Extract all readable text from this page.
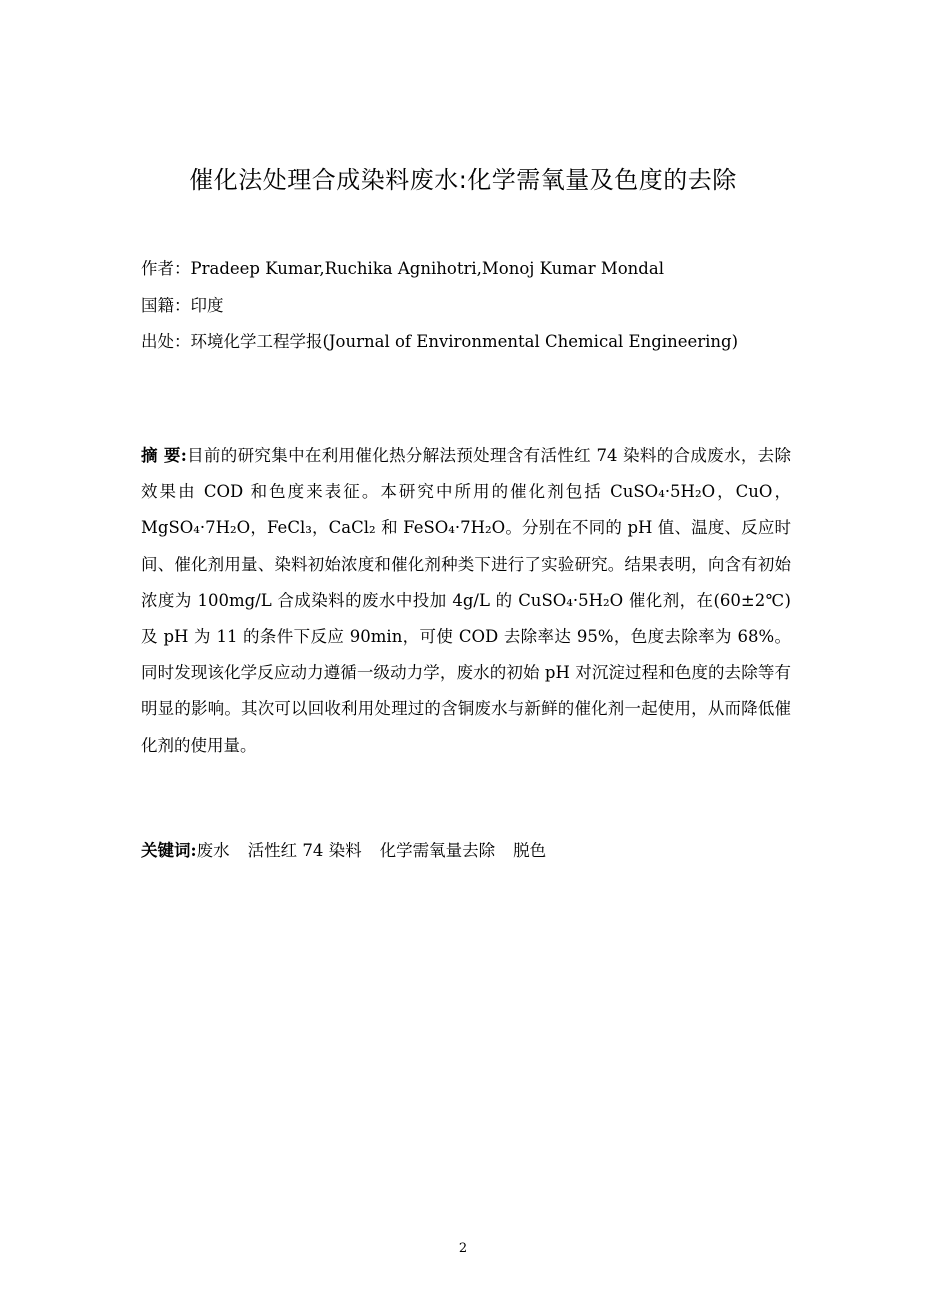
催化法处理合成染料废水:化学需氧量及色度的去除
作者：Pradeep Kumar,Ruchika Agnihotri,Monoj Kumar Mondal
国籍：印度
出处：环境化学工程学报(Journal of Environmental Chemical Engineering)
摘 要:目前的研究集中在利用催化热分解法预处理含有活性红 74 染料的合成废水，去除效果由 COD 和色度来表征。本研究中所用的催化剂包括 CuSO₄·5H₂O，CuO，MgSO₄·7H₂O，FeCl₃，CaCl₂ 和 FeSO₄·7H₂O。分别在不同的 pH 值、温度、反应时间、催化剂用量、染料初始浓度和催化剂种类下进行了实验研究。结果表明，向含有初始浓度为 100mg/L 合成染料的废水中投加 4g/L 的 CuSO₄·5H₂O 催化剂，在(60±2℃)及 pH 为 11 的条件下反应 90min，可使 COD 去除率达 95%，色度去除率为 68%。同时发现该化学反应动力遵循一级动力学，废水的初始 pH 对沉淀过程和色度的去除等有明显的影响。其次可以回收利用处理过的含铜废水与新鲜的催化剂一起使用，从而降低催化剂的使用量。
关键词:废水 活性红 74 染料 化学需氧量去除 脱色
2
